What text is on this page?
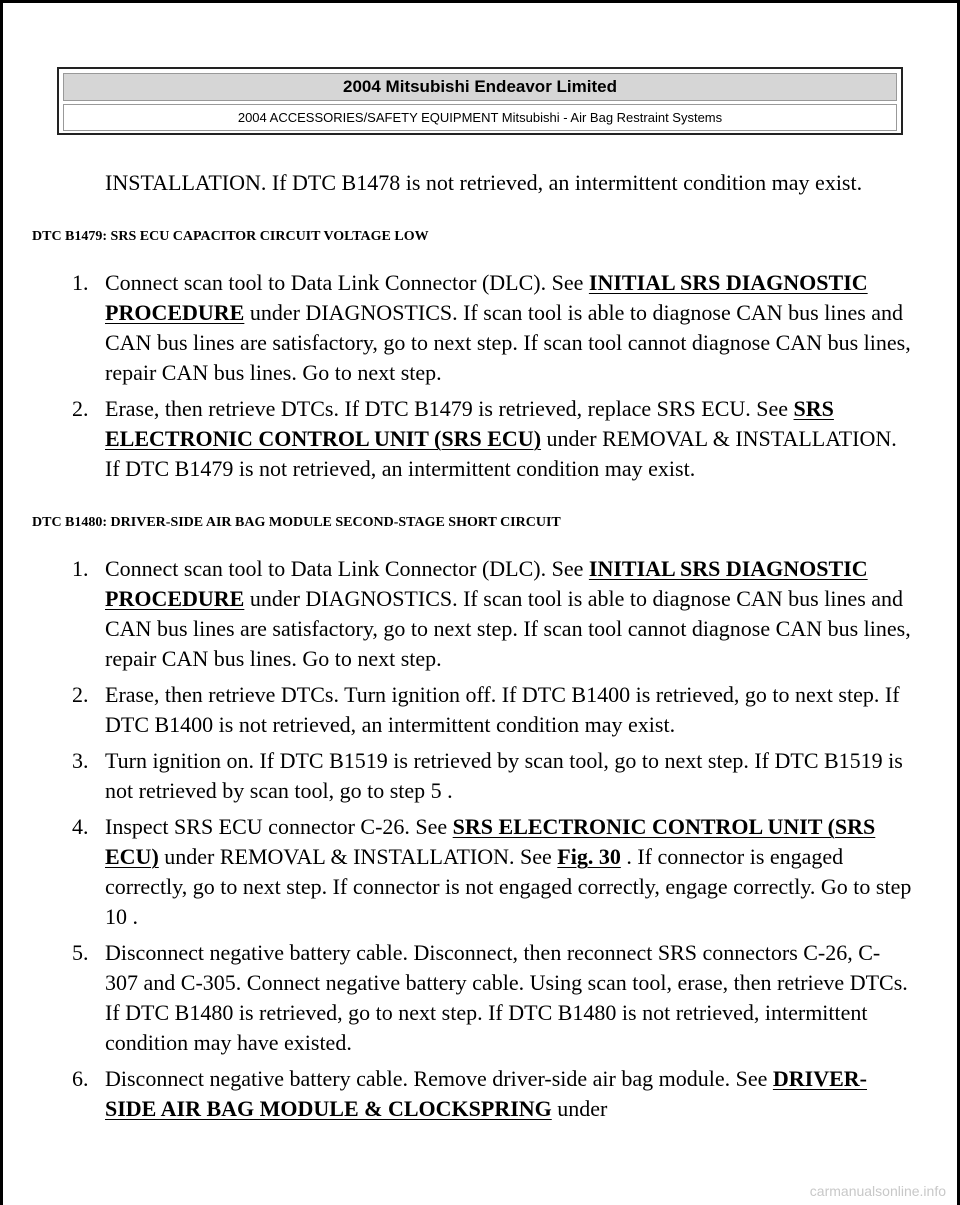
2004 Mitsubishi Endeavor Limited
2004 ACCESSORIES/SAFETY EQUIPMENT Mitsubishi - Air Bag Restraint Systems
INSTALLATION. If DTC B1478 is not retrieved, an intermittent condition may exist.
DTC B1479: SRS ECU CAPACITOR CIRCUIT VOLTAGE LOW
1. Connect scan tool to Data Link Connector (DLC). See INITIAL SRS DIAGNOSTIC PROCEDURE under DIAGNOSTICS. If scan tool is able to diagnose CAN bus lines and CAN bus lines are satisfactory, go to next step. If scan tool cannot diagnose CAN bus lines, repair CAN bus lines. Go to next step.
2. Erase, then retrieve DTCs. If DTC B1479 is retrieved, replace SRS ECU. See SRS ELECTRONIC CONTROL UNIT (SRS ECU) under REMOVAL & INSTALLATION. If DTC B1479 is not retrieved, an intermittent condition may exist.
DTC B1480: DRIVER-SIDE AIR BAG MODULE SECOND-STAGE SHORT CIRCUIT
1. Connect scan tool to Data Link Connector (DLC). See INITIAL SRS DIAGNOSTIC PROCEDURE under DIAGNOSTICS. If scan tool is able to diagnose CAN bus lines and CAN bus lines are satisfactory, go to next step. If scan tool cannot diagnose CAN bus lines, repair CAN bus lines. Go to next step.
2. Erase, then retrieve DTCs. Turn ignition off. If DTC B1400 is retrieved, go to next step. If DTC B1400 is not retrieved, an intermittent condition may exist.
3. Turn ignition on. If DTC B1519 is retrieved by scan tool, go to next step. If DTC B1519 is not retrieved by scan tool, go to step 5 .
4. Inspect SRS ECU connector C-26. See SRS ELECTRONIC CONTROL UNIT (SRS ECU) under REMOVAL & INSTALLATION. See Fig. 30 . If connector is engaged correctly, go to next step. If connector is not engaged correctly, engage correctly. Go to step 10 .
5. Disconnect negative battery cable. Disconnect, then reconnect SRS connectors C-26, C-307 and C-305. Connect negative battery cable. Using scan tool, erase, then retrieve DTCs. If DTC B1480 is retrieved, go to next step. If DTC B1480 is not retrieved, intermittent condition may have existed.
6. Disconnect negative battery cable. Remove driver-side air bag module. See DRIVER-SIDE AIR BAG MODULE & CLOCKSPRING under
carmanualsonline.info
